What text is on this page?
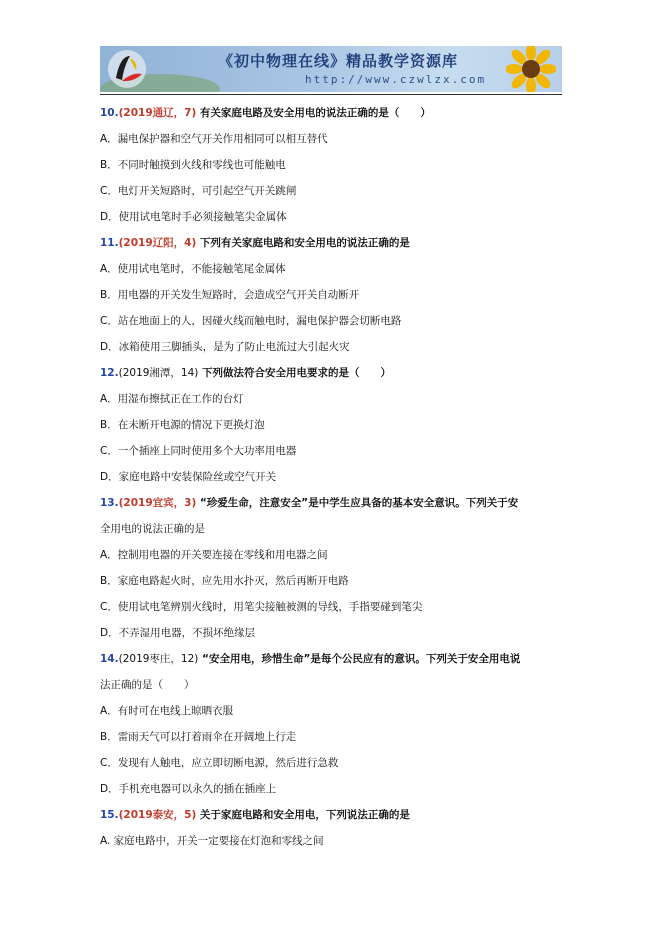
《初中物理在线》精品教学资源库
http://www.czwlzx.com
10.(2019通辽，7) 有关家庭电路及安全用电的说法正确的是（　　）
A．漏电保护器和空气开关作用相同可以相互替代
B．不同时触摸到火线和零线也可能触电
C．电灯开关短路时，可引起空气开关跳闸
D．使用试电笔时手必须接触笔尖金属体
11.(2019辽阳，4) 下列有关家庭电路和安全用电的说法正确的是
A．使用试电笔时，不能接触笔尾金属体
B．用电器的开关发生短路时，会造成空气开关自动断开
C．站在地面上的人，因碰火线而触电时，漏电保护器会切断电路
D．冰箱使用三脚插头，是为了防止电流过大引起火灾
12.(2019湘潭，14) 下列做法符合安全用电要求的是（　　）
A．用湿布擦拭正在工作的台灯
B．在未断开电源的情况下更换灯泡
C．一个插座上同时使用多个大功率用电器
D．家庭电路中安装保险丝或空气开关
13.(2019宜宾，3) “珍爱生命，注意安全”是中学生应具备的基本安全意识。下列关于安
全用电的说法正确的是
A．控制用电器的开关要连接在零线和用电器之间
B．家庭电路起火时，应先用水扑灭，然后再断开电路
C．使用试电笔辨别火线时，用笔尖接触被测的导线，手指要碰到笔尖
D．不弄湿用电器，不损坏绝缘层
14.(2019枣庄，12) “安全用电，珍惜生命”是每个公民应有的意识。下列关于安全用电说
法正确的是（　　）
A．有时可在电线上晾晒衣服
B．雷雨天气可以打着雨伞在开阔地上行走
C．发现有人触电，应立即切断电源，然后进行急救
D．手机充电器可以永久的插在插座上
15.(2019泰安，5) 关于家庭电路和安全用电，下列说法正确的是
A. 家庭电路中，开关一定要接在灯泡和零线之间
